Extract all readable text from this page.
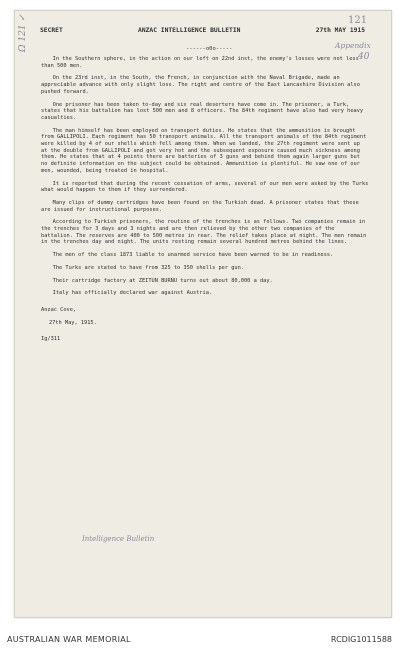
121
Appendix
40
Ω 121 ✓ SECRET	ANZAC INTELLIGENCE BULLETIN	27th MAY 1915
------o0o-----

In the Southern sphere, in the action on our left on 22nd inst, the enemy's losses were not less than 500 men.

On the 23rd inst, in the South, the French, in conjunction with the Naval Brigade, made an appreciable advance with only slight loss. The right and centre of the East Lancashire Division also pushed forward.

One prisoner has been taken to-day and six real deserters have come in. The prisoner, a Turk, states that his battalion has lost 500 men and 8 officers. The 84th regiment have also had very heavy casualties.

The man himself has been employed on transport duties. He states that the ammunition is brought from GALLIPOLI. Each regiment has 50 transport animals. All the transport animals of the 84th regiment were killed by 4 of our shells which fell among them. When we landed, the 27th regiment were sent up at the double from GALLIPOLI and got very hot and the subsequent exposure caused much sickness among them. He states that at 4 points there are batteries of 3 guns and behind them again larger guns but no definite information on the subject could be obtained. Ammunition is plentiful. He saw one of our men, wounded, being treated in hospital.

It is reported that during the recent cessation of arms, several of our men were asked by the Turks what would happen to them if they surrendered.

Many clips of dummy cartridges have been found on the Turkish dead. A prisoner states that these are issued for instructional purposes.

According to Turkish prisoners, the routine of the trenches is as follows. Two companies remain in the trenches for 3 days and 3 nights and are then relieved by the other two companies of the battalion. The reserves are 400 to 500 metres in rear. The relief takes place at night. The men remain in the trenches day and night. The units resting remain several hundred metres behind the lines.

The men of the class 1873 liable to unarmed service have been warned to be in readiness.

The Turks are stated to have from 325 to 350 shells per gun.

Their cartridge factory at ZEITUN BURNU turns out about 80,000 a day.

Italy has officially declared war against Austria.

Anzac Cove,

27th May, 1915.

Ig/311

Intelligence Bulletin
AUSTRALIAN WAR MEMORIAL	RCDIG1011588
